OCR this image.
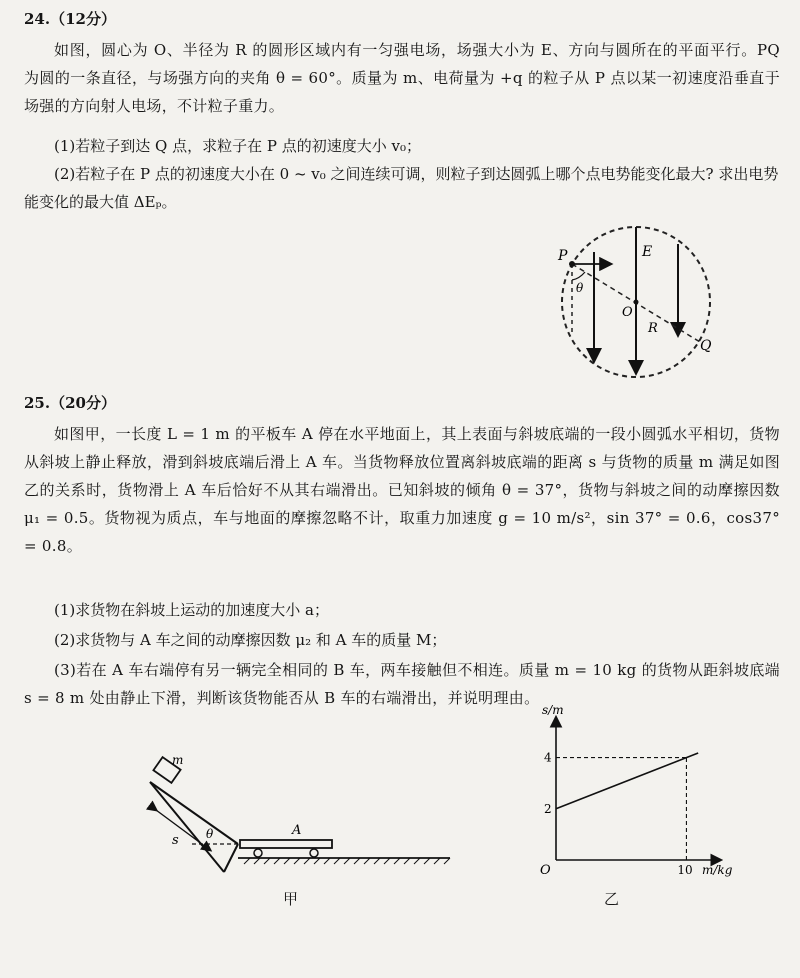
24.（12分）
如图，圆心为 O、半径为 R 的圆形区域内有一匀强电场，场强大小为 E、方向与圆所在的平面平行。PQ 为圆的一条直径，与场强方向的夹角 θ = 60°。质量为 m、电荷量为 +q 的粒子从 P 点以某一初速度沿垂直于场强的方向射人电场，不计粒子重力。
(1)若粒子到达 Q 点，求粒子在 P 点的初速度大小 v₀；
(2)若粒子在 P 点的初速度大小在 0 ~ v₀ 之间连续可调，则粒子到达圆弧上哪个点电势能变化最大? 求出电势能变化的最大值 ΔEₚ。
P	E
θ
O
R
Q
25.（20分）
如图甲，一长度 L = 1 m 的平板车 A 停在水平地面上，其上表面与斜坡底端的一段小圆弧水平相切，货物从斜坡上静止释放，滑到斜坡底端后滑上 A 车。当货物释放位置离斜坡底端的距离 s 与货物的质量 m 满足如图乙的关系时，货物滑上 A 车后恰好不从其右端滑出。已知斜坡的倾角 θ = 37°，货物与斜坡之间的动摩擦因数 μ₁ = 0.5。货物视为质点，车与地面的摩擦忽略不计，取重力加速度 g = 10 m/s²，sin 37° = 0.6，cos37° = 0.8。
(1)求货物在斜坡上运动的加速度大小 a；
(2)求货物与 A 车之间的动摩擦因数 μ₂ 和 A 车的质量 M；
(3)若在 A 车右端停有另一辆完全相同的 B 车，两车接触但不相连。质量 m = 10 kg 的货物从距斜坡底端 s = 8 m 处由静止下滑，判断该货物能否从 B 车的右端滑出，并说明理由。
m
s θ	A
甲
O	m/kg
s/m
10
2
4
乙
